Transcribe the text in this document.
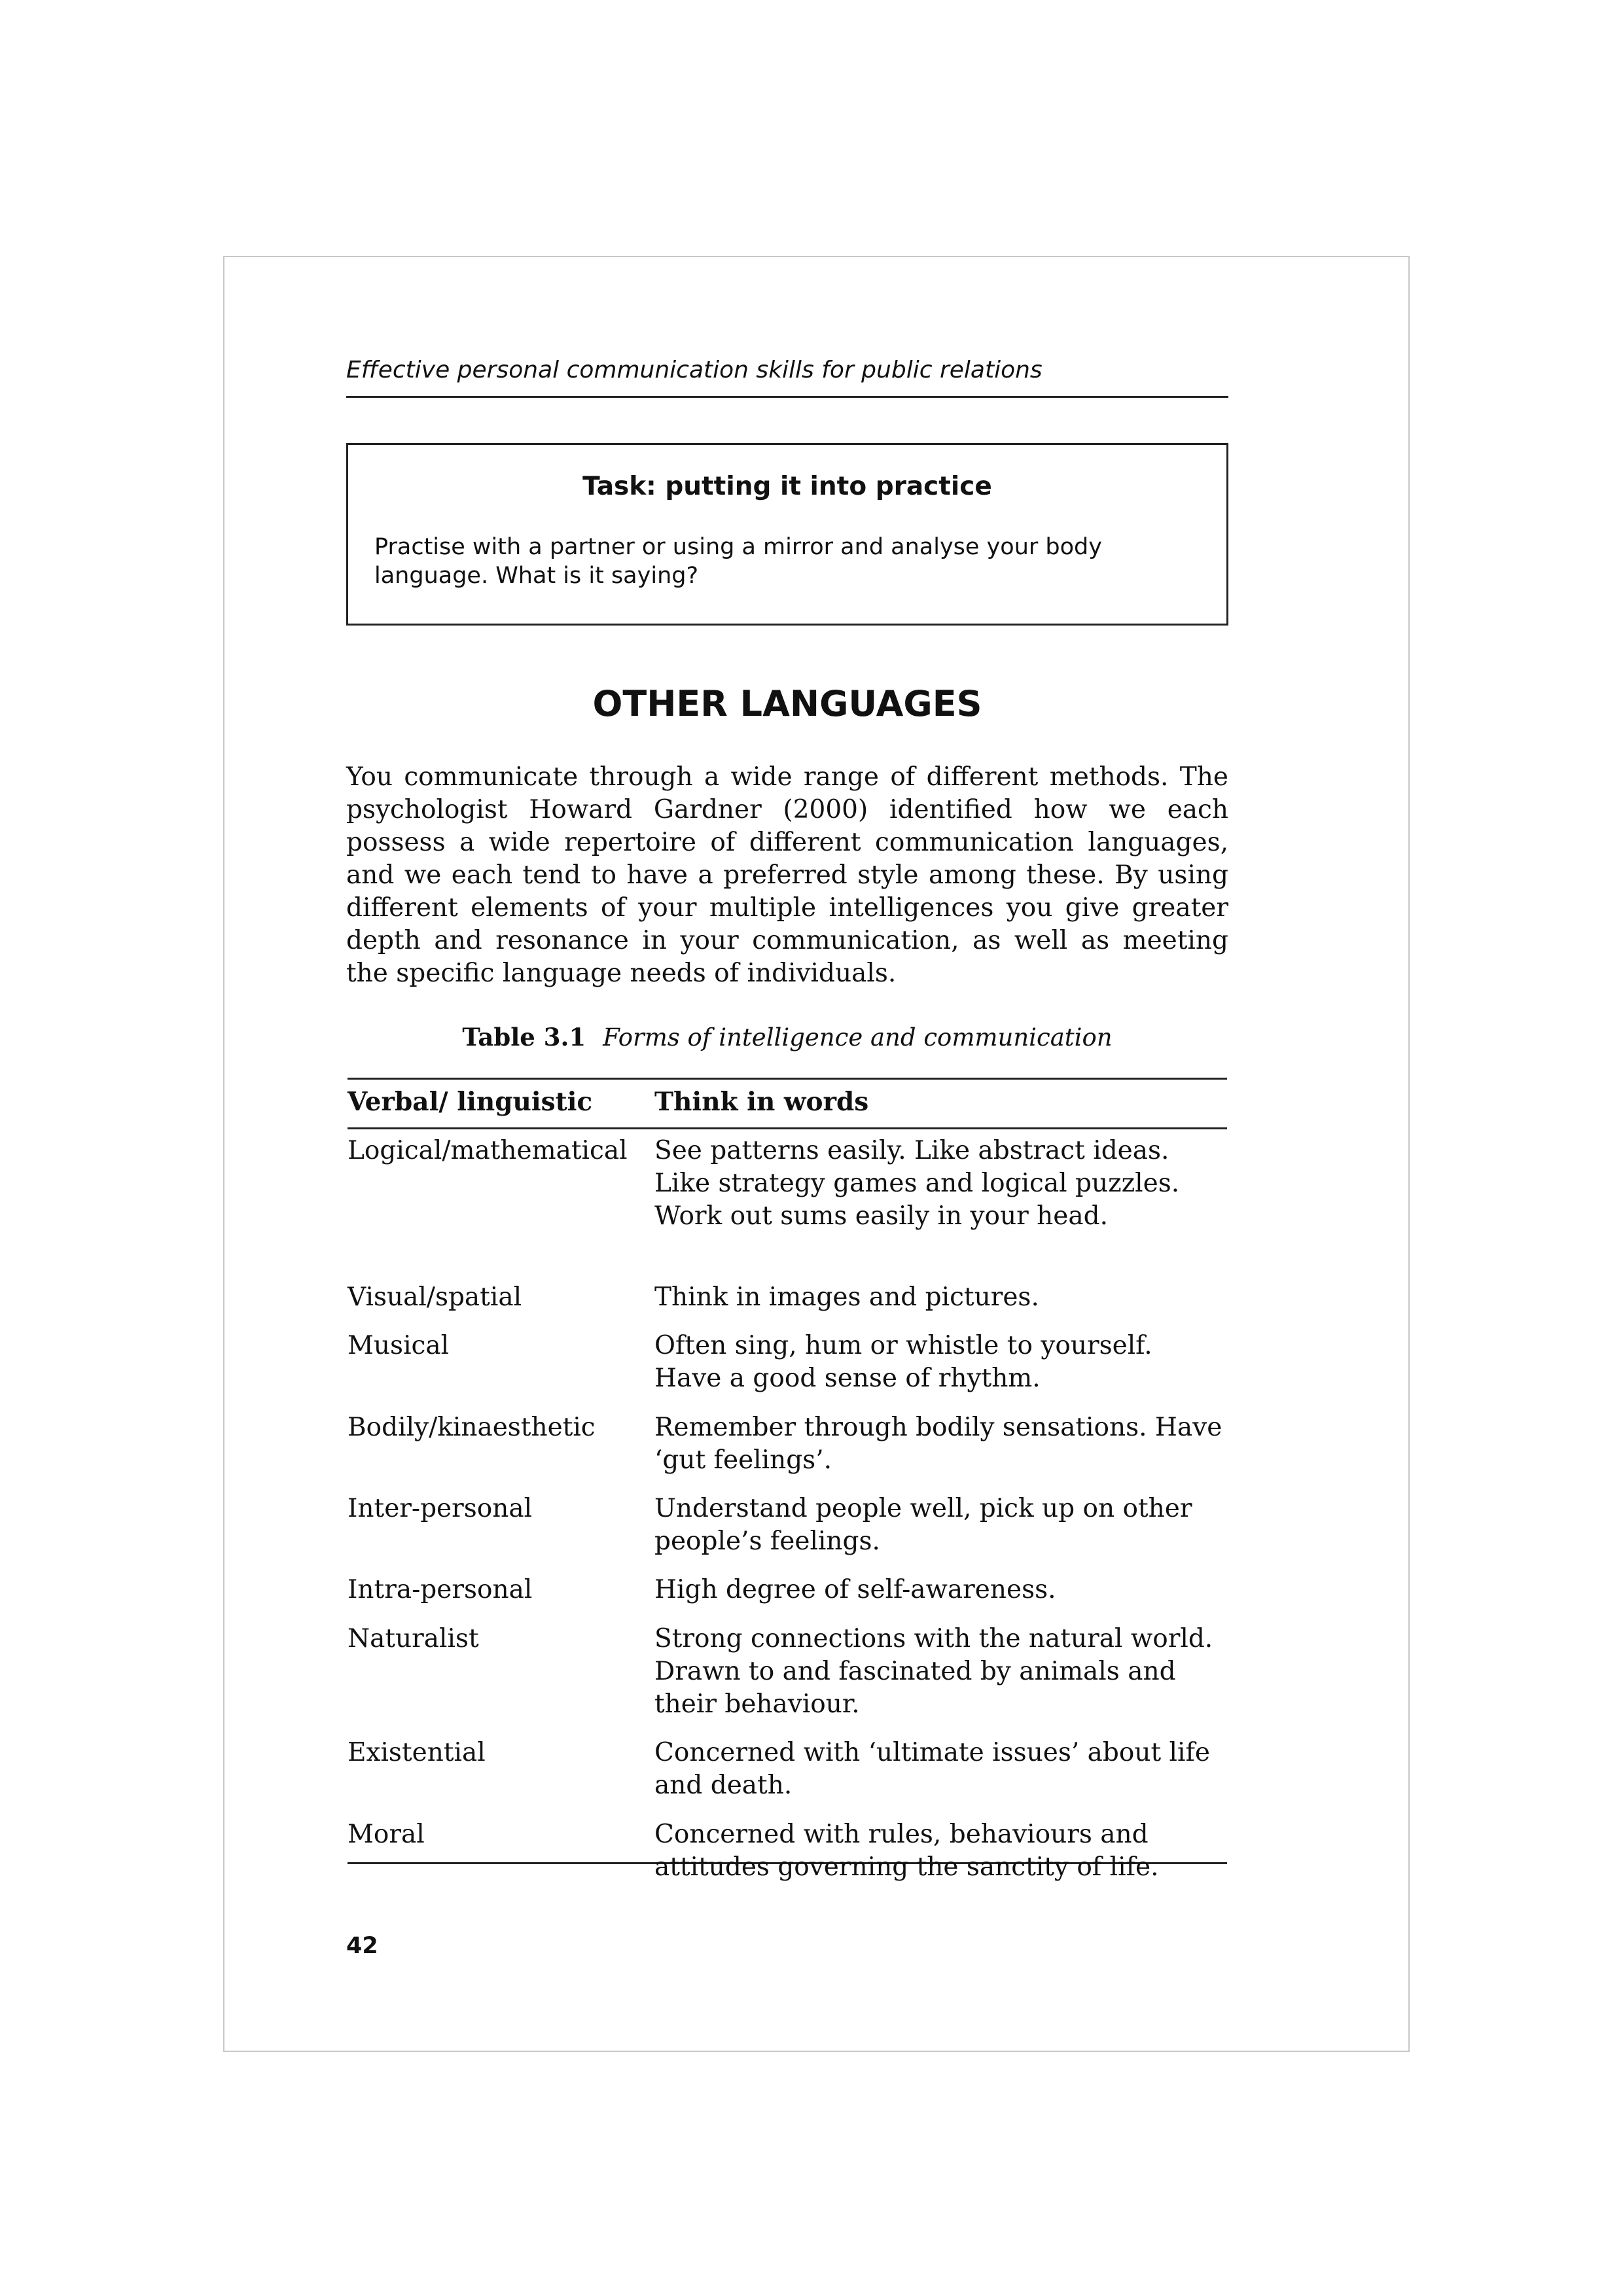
Effective personal communication skills for public relations
Task: putting it into practice
Practise with a partner or using a mirror and analyse your body language. What is it saying?
OTHER LANGUAGES

You communicate through a wide range of different methods. The psychologist Howard Gardner (2000) identified how we each possess a wide repertoire of different communication languages, and we each tend to have a preferred style among these. By using different elements of your multiple intelligences you give greater depth and resonance in your communication, as well as meeting the specific language needs of individuals.

Table 3.1 Forms of intelligence and communication
Verbal/ linguistic	Think in words
Logical/mathematical	See patterns easily. Like abstract ideas. Like strategy games and logical puzzles. Work out sums easily in your head.
Visual/spatial	Think in images and pictures.
Musical	Often sing, hum or whistle to yourself. Have a good sense of rhythm.
Bodily/kinaesthetic	Remember through bodily sensations. Have ‘gut feelings’.
Inter-personal	Understand people well, pick up on other people’s feelings.
Intra-personal	High degree of self-awareness.
Naturalist	Strong connections with the natural world. Drawn to and fascinated by animals and their behaviour.
Existential	Concerned with ‘ultimate issues’ about life and death.
Moral	Concerned with rules, behaviours and attitudes governing the sanctity of life.
42
